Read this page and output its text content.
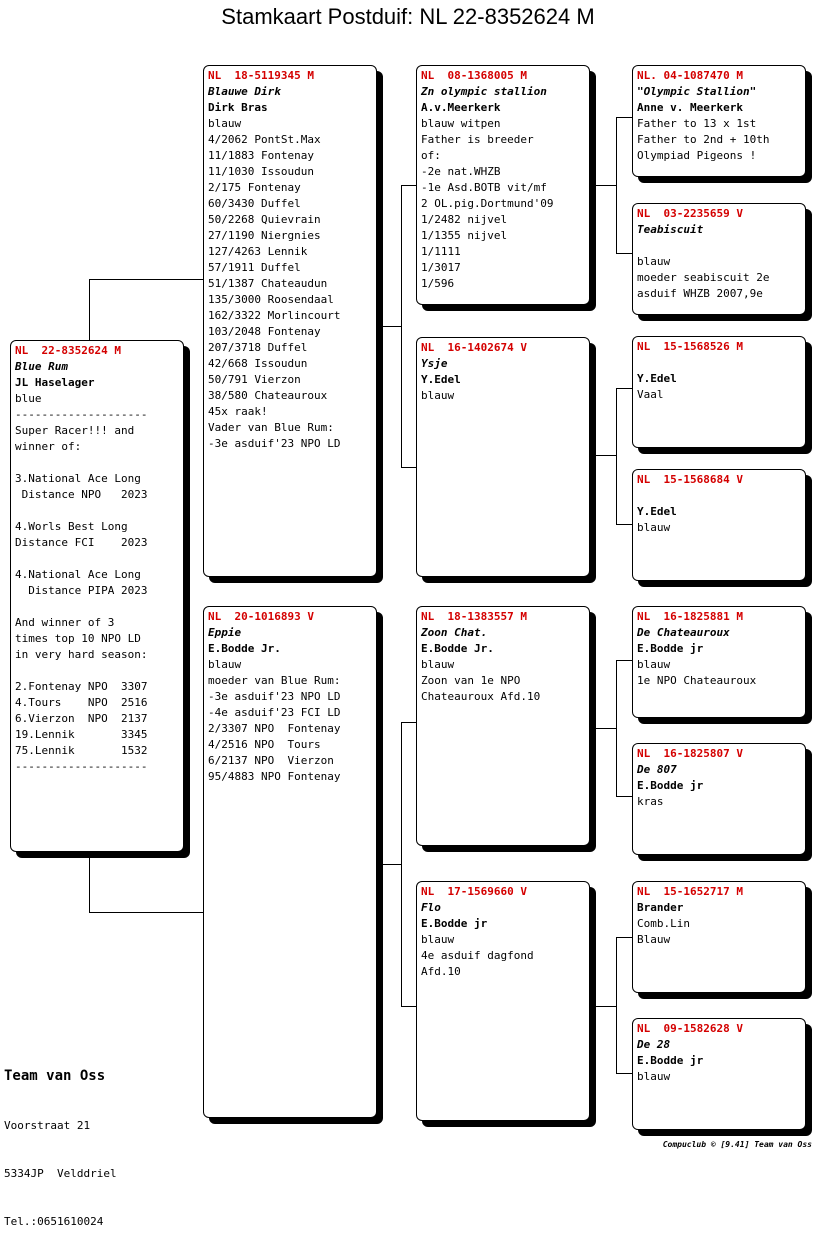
Stamkaart Postduif: NL 22-8352624 M
NL  22-8352624 M
Blue Rum
JL Haselager
blue
--------------------
Super Racer!!! and
winner of:

3.National Ace Long
Distance NPO   2023

4.Worls Best Long
Distance FCI    2023

4.National Ace Long
Distance PIPA 2023

And winner of 3
times top 10 NPO LD
in very hard season:

2.Fontenay NPO  3307
4.Tours    NPO  2516
6.Vierzon  NPO  2137
19.Lennik       3345
75.Lennik       1532
--------------------
NL  18-5119345 M
Blauwe Dirk
Dirk Bras
blauw
4/2062 PontSt.Max
11/1883 Fontenay
11/1030 Issoudun
2/175 Fontenay
60/3430 Duffel
50/2268 Quievrain
27/1190 Niergnies
127/4263 Lennik
57/1911 Duffel
51/1387 Chateaudun
135/3000 Roosendaal
162/3322 Morlincourt
103/2048 Fontenay
207/3718 Duffel
42/668 Issoudun
50/791 Vierzon
38/580 Chateauroux
45x raak!
Vader van Blue Rum:
-3e asduif'23 NPO LD
NL  20-1016893 V
Eppie
E.Bodde Jr.
blauw
moeder van Blue Rum:
-3e asduif'23 NPO LD
-4e asduif'23 FCI LD
2/3307 NPO  Fontenay
4/2516 NPO  Tours
6/2137 NPO  Vierzon
95/4883 NPO Fontenay
NL  08-1368005 M
Zn olympic stallion
A.v.Meerkerk
blauw witpen
Father is breeder
of:
-2e nat.WHZB
-1e Asd.BOTB vit/mf
2 OL.pig.Dortmund'09
1/2482 nijvel
1/1355 nijvel
1/1111
1/3017
1/596
NL  16-1402674 V
Ysje
Y.Edel
blauw
NL  18-1383557 M
Zoon Chat.
E.Bodde Jr.
blauw
Zoon van 1e NPO
Chateauroux Afd.10
NL  17-1569660 V
Flo
E.Bodde jr
blauw
4e asduif dagfond
Afd.10
NL. 04-1087470 M
"Olympic Stallion"
Anne v. Meerkerk
Father to 13 x 1st
Father to 2nd + 10th
Olympiad Pigeons !
NL  03-2235659 V
Teabiscuit

blauw
moeder seabiscuit 2e
asduif WHZB 2007,9e
NL  15-1568526 M

Y.Edel
Vaal
NL  15-1568684 V

Y.Edel
blauw
NL  16-1825881 M
De Chateauroux
E.Bodde jr
blauw
1e NPO Chateauroux
NL  16-1825807 V
De 807
E.Bodde jr
kras
NL  15-1652717 M
Brander
Comb.Lin
Blauw
NL  09-1582628 V
De 28
E.Bodde jr
blauw

Team van Oss

Voorstraat 21

5334JP  Velddriel

Tel.:0651610024

Compuclub © [9.41] Team van Oss
